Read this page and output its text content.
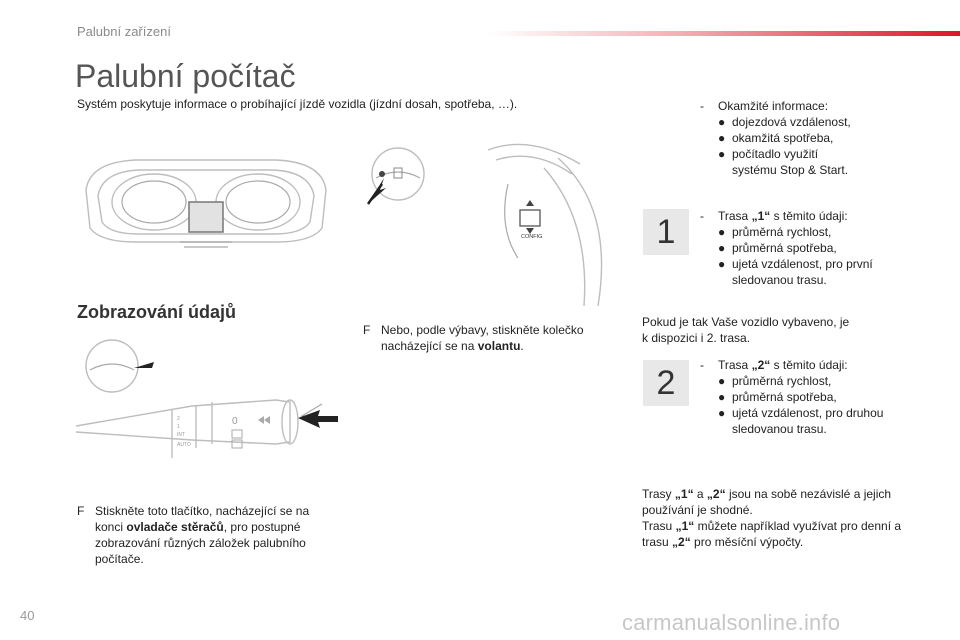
Palubní zařízení
Palubní počítač
Systém poskytuje informace o probíhající jízdě vozidla (jízdní dosah, spotřeba, …).
CONFIG
Zobrazování údajů
2
1
INT
AUTO
0
F Stiskněte toto tlačítko, nacházející se na konci ovladače stěračů, pro postupné zobrazování různých záložek palubního počítače.
F Nebo, podle výbavy, stiskněte kolečko nacházející se na volantu.
-	Okamžité informace:
● dojezdová vzdálenost,
● okamžitá spotřeba,
● počítadlo využití systému Stop & Start.
1	-	Trasa „1“ s těmito údaji:
● průměrná rychlost,
● průměrná spotřeba,
● ujetá vzdálenost, pro první sledovanou trasu.
Pokud je tak Vaše vozidlo vybaveno, je k dispozici i 2. trasa.
2	-	Trasa „2“ s těmito údaji:
● průměrná rychlost,
● průměrná spotřeba,
● ujetá vzdálenost, pro druhou sledovanou trasu.
Trasy „1“ a „2“ jsou na sobě nezávislé a jejich používání je shodné.
Trasu „1“ můžete například využívat pro denní a trasu „2“ pro měsíční výpočty.
40	carmanualsonline.info
